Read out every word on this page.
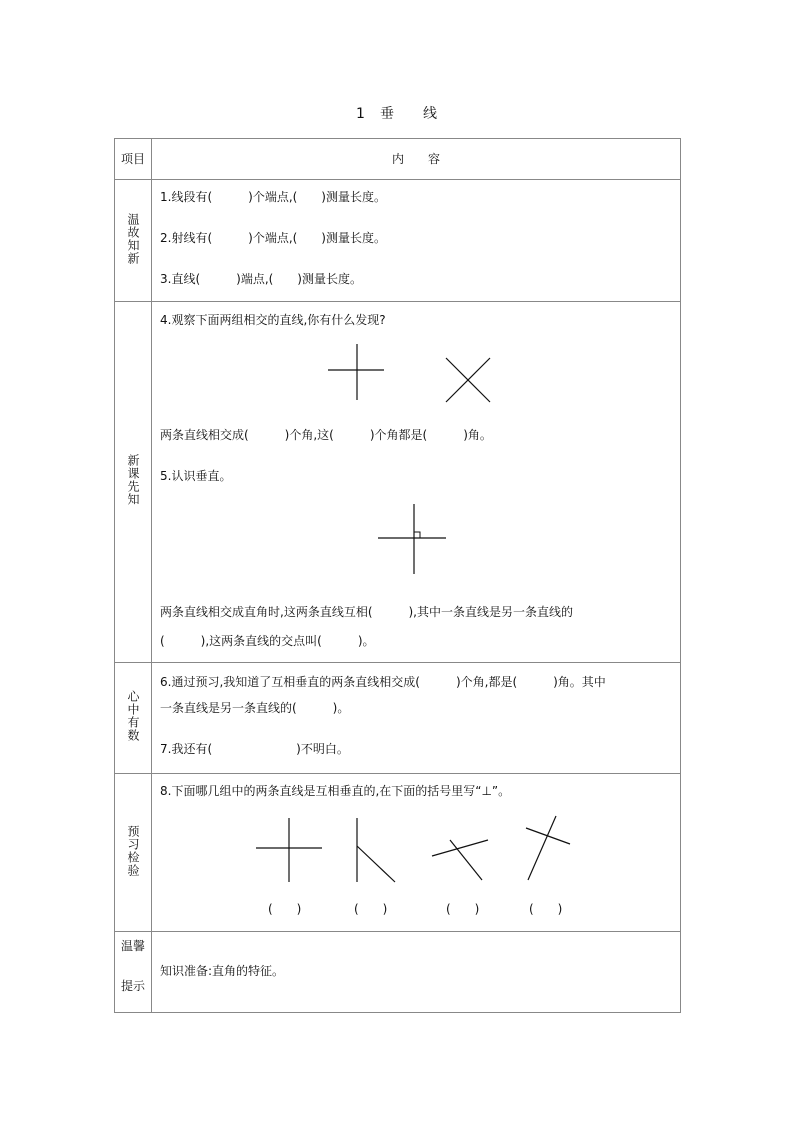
1 垂 线
项目	内　　容
温故知新	1.线段有(　　　)个端点,(　　)测量长度。
2.射线有(　　　)个端点,(　　)测量长度。
3.直线(　　　)端点,(　　)测量长度。

新课先知	4.观察下面两组相交的直线,你有什么发现?
两条直线相交成(　　　)个角,这(　　　)个角都是(　　　)角。
5.认识垂直。
两条直线相交成直角时,这两条直线互相(　　　),其中一条直线是另一条直线的
(　　　),这两条直线的交点叫(　　　)。

心中有数	6.通过预习,我知道了互相垂直的两条直线相交成(　　　)个角,都是(　　　)角。其中
一条直线是另一条直线的(　　　)。
7.我还有(　　　　　　　)不明白。

预习检验	8.下面哪几组中的两条直线是互相垂直的,在下面的括号里写“⊥”。
(　　) (　　) (　　) (　　)

温馨
提示	知识准备:直角的特征。
